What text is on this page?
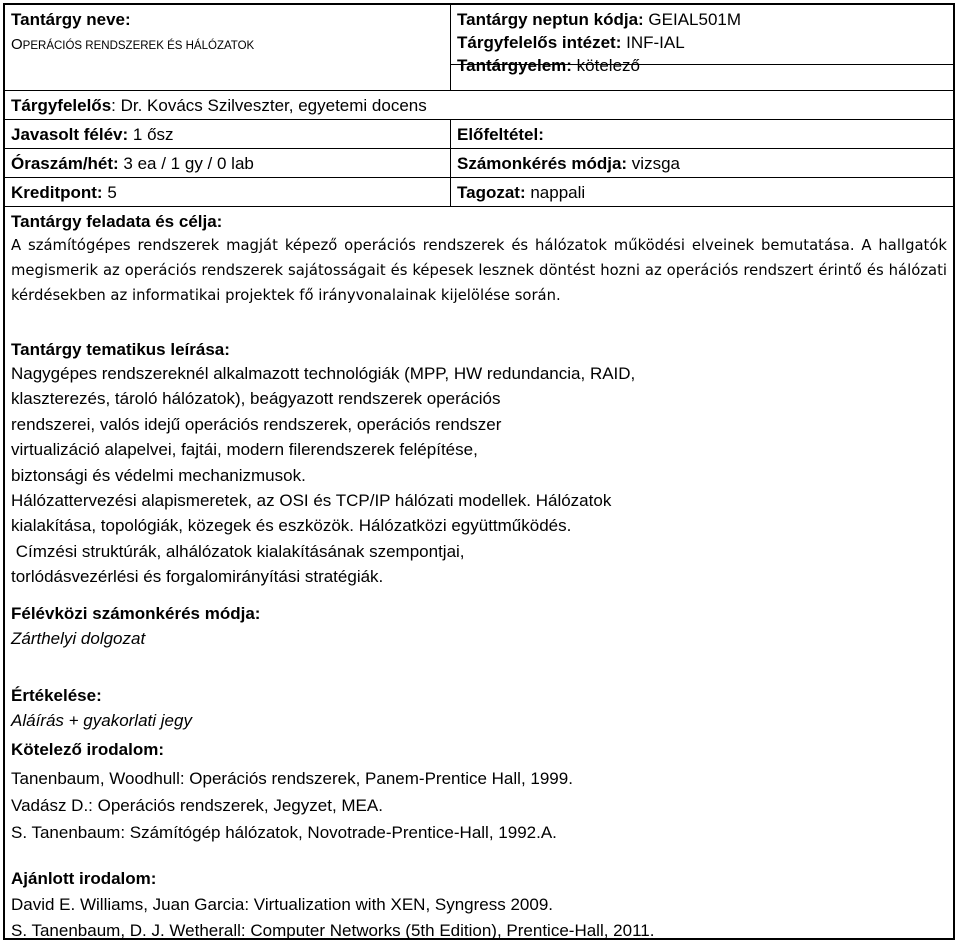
Tantárgy neve:
OPERÁCIÓS RENDSZEREK ÉS HÁLÓZATOK
Tantárgy neptun kódja: GEIAL501M
Tárgyfelelős intézet: INF-IAL
Tantárgyelem: kötelező
Tárgyfelelős: Dr. Kovács Szilveszter, egyetemi docens
Javasolt félév: 1 ősz	Előfeltétel:
Óraszám/hét: 3 ea / 1 gy / 0 lab	Számonkérés módja: vizsga
Kreditpont: 5	Tagozat: nappali
Tantárgy feladata és célja:

A számítógépes rendszerek magját képező operációs rendszerek és hálózatok működési elveinek bemutatása. A hallgatók megismerik az operációs rendszerek sajátosságait és képesek lesznek döntést hozni az operációs rendszert érintő és hálózati kérdésekben az informatikai projektek fő irányvonalainak kijelölése során.

Tantárgy tematikus leírása:
Nagygépes rendszereknél alkalmazott technológiák (MPP, HW redundancia, RAID,
klaszterezés, tároló hálózatok), beágyazott rendszerek operációs
rendszerei, valós idejű operációs rendszerek, operációs rendszer
virtualizáció alapelvei, fajtái, modern filerendszerek felépítése,
biztonsági és védelmi mechanizmusok.
Hálózattervezési alapismeretek, az OSI és TCP/IP hálózati modellek. Hálózatok
kialakítása, topológiák, közegek és eszközök. Hálózatközi együttműködés.
Címzési struktúrák, alhálózatok kialakításának szempontjai,
torlódásvezérlési és forgalomirányítási stratégiák.
Félévközi számonkérés módja:
Zárthelyi dolgozat
Értékelése:
Aláírás + gyakorlati jegy
Kötelező irodalom:
Tanenbaum, Woodhull: Operációs rendszerek, Panem-Prentice Hall, 1999.
Vadász D.: Operációs rendszerek, Jegyzet, MEA.
S. Tanenbaum: Számítógép hálózatok, Novotrade-Prentice-Hall, 1992.A.
Ajánlott irodalom:
David E. Williams, Juan Garcia: Virtualization with XEN, Syngress 2009.
S. Tanenbaum, D. J. Wetherall: Computer Networks (5th Edition), Prentice-Hall, 2011.
